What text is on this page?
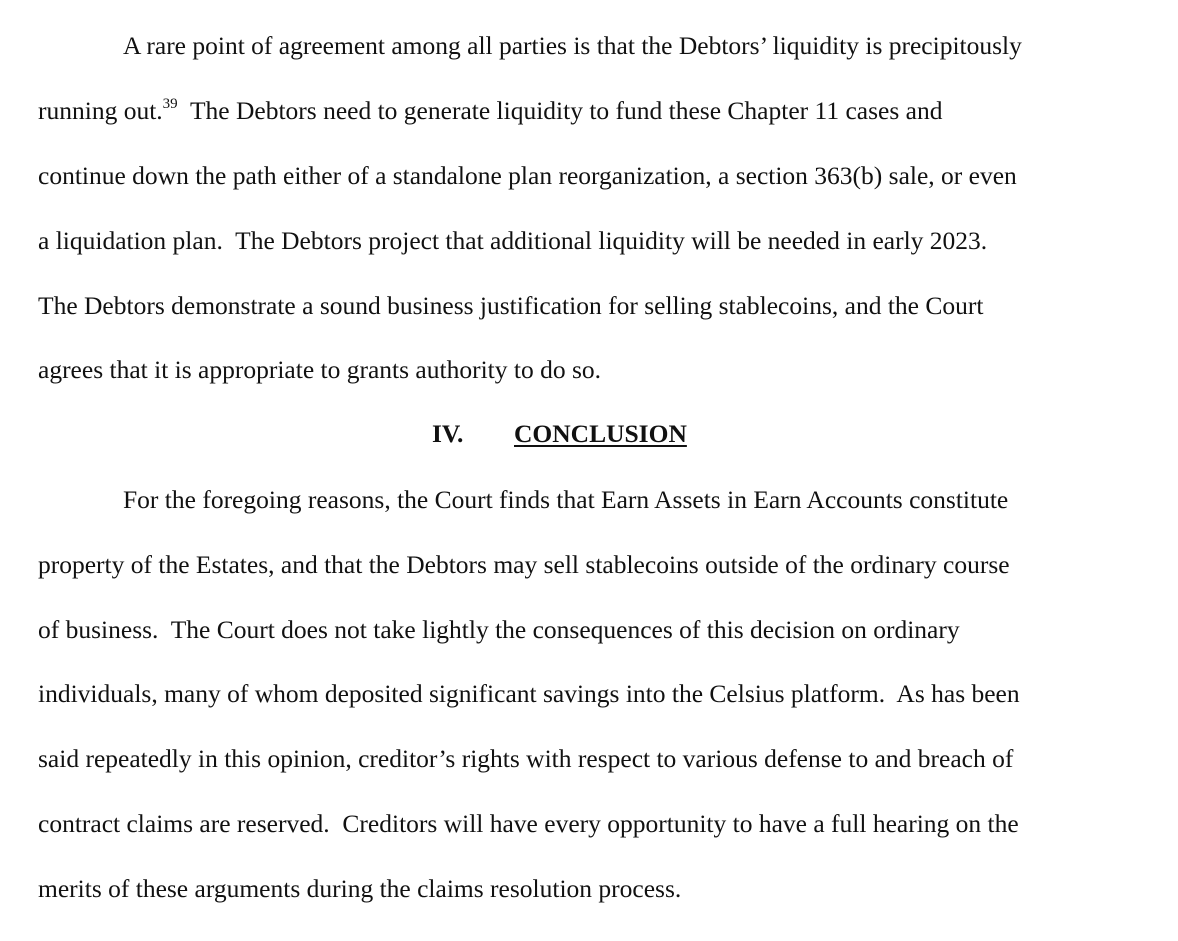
A rare point of agreement among all parties is that the Debtors’ liquidity is precipitously
running out.$^{39}$  The Debtors need to generate liquidity to fund these Chapter 11 cases and
continue down the path either of a standalone plan reorganization, a section 363(b) sale, or even
a liquidation plan.  The Debtors project that additional liquidity will be needed in early 2023.
The Debtors demonstrate a sound business justification for selling stablecoins, and the Court
agrees that it is appropriate to grants authority to do so.
IV. CONCLUSION
For the foregoing reasons, the Court finds that Earn Assets in Earn Accounts constitute
property of the Estates, and that the Debtors may sell stablecoins outside of the ordinary course
of business.  The Court does not take lightly the consequences of this decision on ordinary
individuals, many of whom deposited significant savings into the Celsius platform.  As has been
said repeatedly in this opinion, creditor’s rights with respect to various defense to and breach of
contract claims are reserved.  Creditors will have every opportunity to have a full hearing on the
merits of these arguments during the claims resolution process.
